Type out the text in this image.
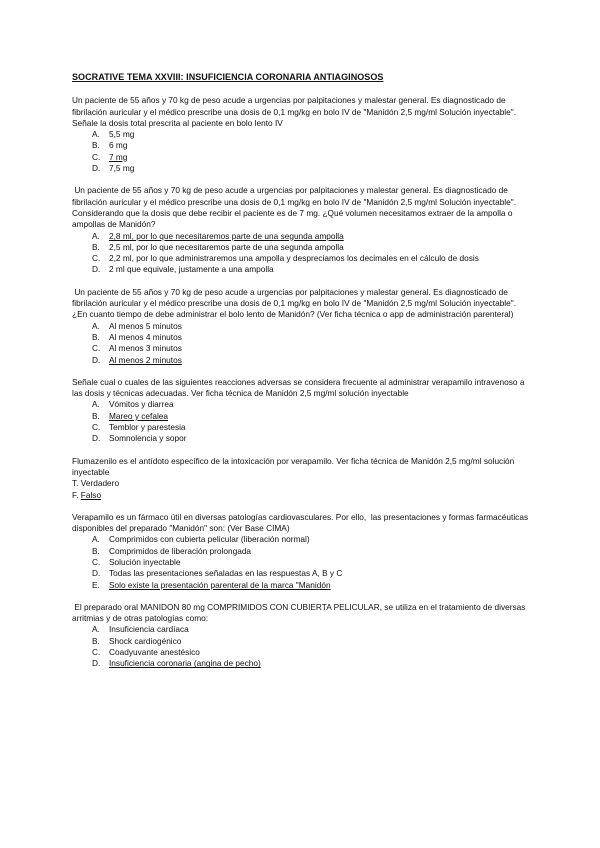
SOCRATIVE TEMA XXVIII: INSUFICIENCIA CORONARIA ANTIAGINOSOS
Un paciente de 55 años y 70 kg de peso acude a urgencias por palpitaciones y malestar general. Es diagnosticado de fibrilación auricular y el médico prescribe una dosis de 0,1 mg/kg en bolo IV de "Manidón 2,5 mg/ml Solución inyectable".  Señale la dosis total prescrita al paciente en bolo lento IV
A.	5,5 mg
B.	6 mg
C.	7 mg
D.	7,5 mg
Un paciente de 55 años y 70 kg de peso acude a urgencias por palpitaciones y malestar general. Es diagnosticado de fibrilación auricular y el médico prescribe una dosis de 0,1 mg/kg en bolo IV de "Manidón 2,5 mg/ml Solución inyectable".  Considerando que la dosis que debe recibir el paciente es de 7 mg. ¿Qué volumen necesitamos extraer de la ampolla o ampollas de Manidón?
A.	2,8 ml, por lo que necesitaremos parte de una segunda ampolla
B.	2,5 ml, por lo que necesitaremos parte de una segunda ampolla
C.	2,2 ml, por lo que administraremos una ampolla y despreciamos los decimales en el cálculo de dosis
D.	2 ml que equivale, justamente a una ampolla
Un paciente de 55 años y 70 kg de peso acude a urgencias por palpitaciones y malestar general. Es diagnosticado de fibrilación auricular y el médico prescribe una dosis de 0,1 mg/kg en bolo IV de "Manidón 2,5 mg/ml Solución inyectable". ¿En cuanto tiempo de debe administrar el bolo lento de Manidón? (Ver ficha técnica o app de administración parenteral)
A.	Al menos 5 minutos
B.	Al menos 4 minutos
C.	Al menos 3 minutos
D.	Al menos 2 minutos
Señale cual o cuales de las siguientes reacciones adversas se considera frecuente al administrar verapamilo intravenoso a las dosis y técnicas adecuadas. Ver ficha técnica de Manidón 2,5 mg/ml solución inyectable
A.	Vómitos y diarrea
B.	Mareo y cefalea
C.	Temblor y parestesia
D.	Somnolencia y sopor
Flumazenilo es el antídoto específico de la intoxicación por verapamilo. Ver ficha técnica de Manidón 2,5 mg/ml solución inyectable
T. Verdadero
F. Falso
Verapamilo es un fármaco útil en diversas patologías cardiovasculares. Por ello,  las presentaciones y formas farmacéuticas disponibles del preparado "Manidón" son: (Ver Base CIMA)
A.	Comprimidos con cubierta pelicular (liberación normal)
B.	Comprimidos de liberación prolongada
C.	Solución inyectable
D.	Todas las presentaciones señaladas en las respuestas A, B y C
E.	Solo existe la presentación parenteral de la marca "Manidón
El preparado oral MANIDON 80 mg COMPRIMIDOS CON CUBIERTA PELICULAR, se utiliza en el tratamiento de diversas arritmias y de otras patologías como:
A.	Insuficiencia cardíaca
B.	Shock cardiogénico
C.	Coadyuvante anestésico
D.	Insuficiencia coronaria (angina de pecho)
